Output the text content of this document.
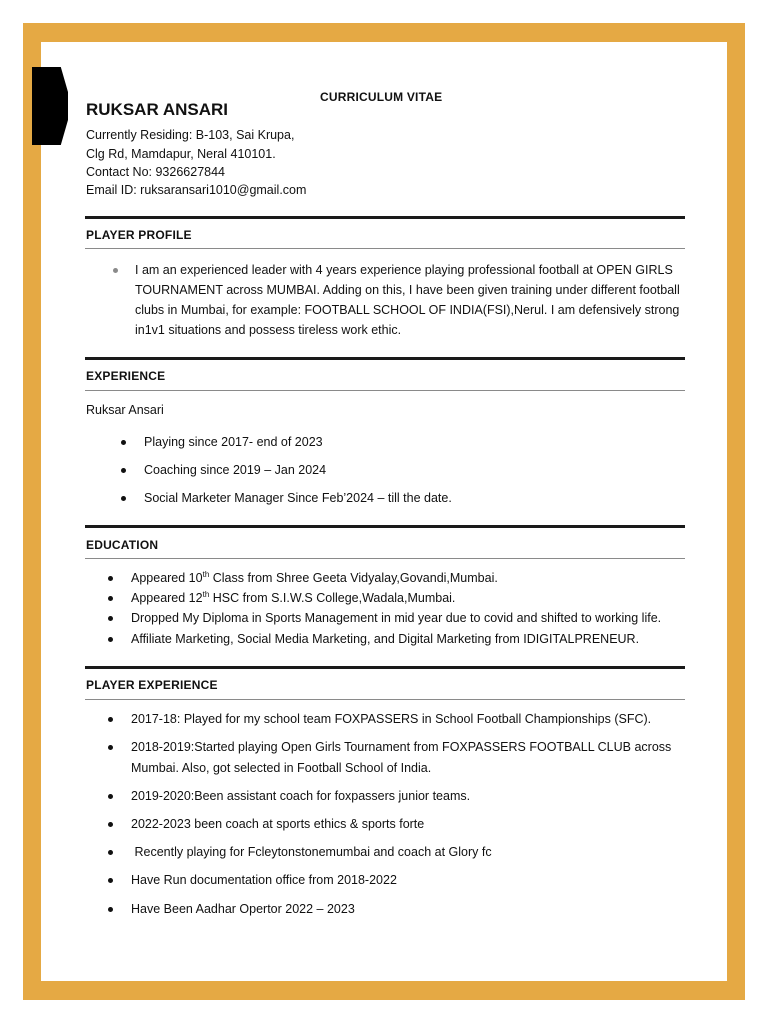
CURRICULUM VITAE
RUKSAR ANSARI
Currently Residing: B-103, Sai Krupa,
Clg Rd, Mamdapur, Neral 410101.
Contact No: 9326627844
Email ID: ruksaransari1010@gmail.com
PLAYER PROFILE
I am an experienced leader with 4 years experience playing professional football at OPEN GIRLS
TOURNAMENT across MUMBAI. Adding on this, I have been given training under different football
clubs in Mumbai, for example: FOOTBALL SCHOOL OF INDIA(FSI),Nerul. I am defensively strong
in1v1 situations and possess tireless work ethic.
EXPERIENCE
Ruksar Ansari
Playing since 2017- end of 2023
Coaching since 2019 – Jan 2024
Social Marketer Manager Since Feb’2024 – till the date.
EDUCATION
Appeared 10th Class from Shree Geeta Vidyalay,Govandi,Mumbai.
Appeared 12th HSC from S.I.W.S College,Wadala,Mumbai.
Dropped My Diploma in Sports Management in mid year due to covid and shifted to working life.
Affiliate Marketing, Social Media Marketing, and Digital Marketing from IDIGITALPRENEUR.
PLAYER EXPERIENCE
2017-18: Played for my school team FOXPASSERS in School Football Championships (SFC).
2018-2019:Started playing Open Girls Tournament from FOXPASSERS FOOTBALL CLUB across
Mumbai. Also, got selected in Football School of India.
2019-2020:Been assistant coach for foxpassers junior teams.
2022-2023 been coach at sports ethics & sports forte
Recently playing for Fcleytonstonemumbai and coach at Glory fc
Have Run documentation office from 2018-2022
Have Been Aadhar Opertor 2022 – 2023
